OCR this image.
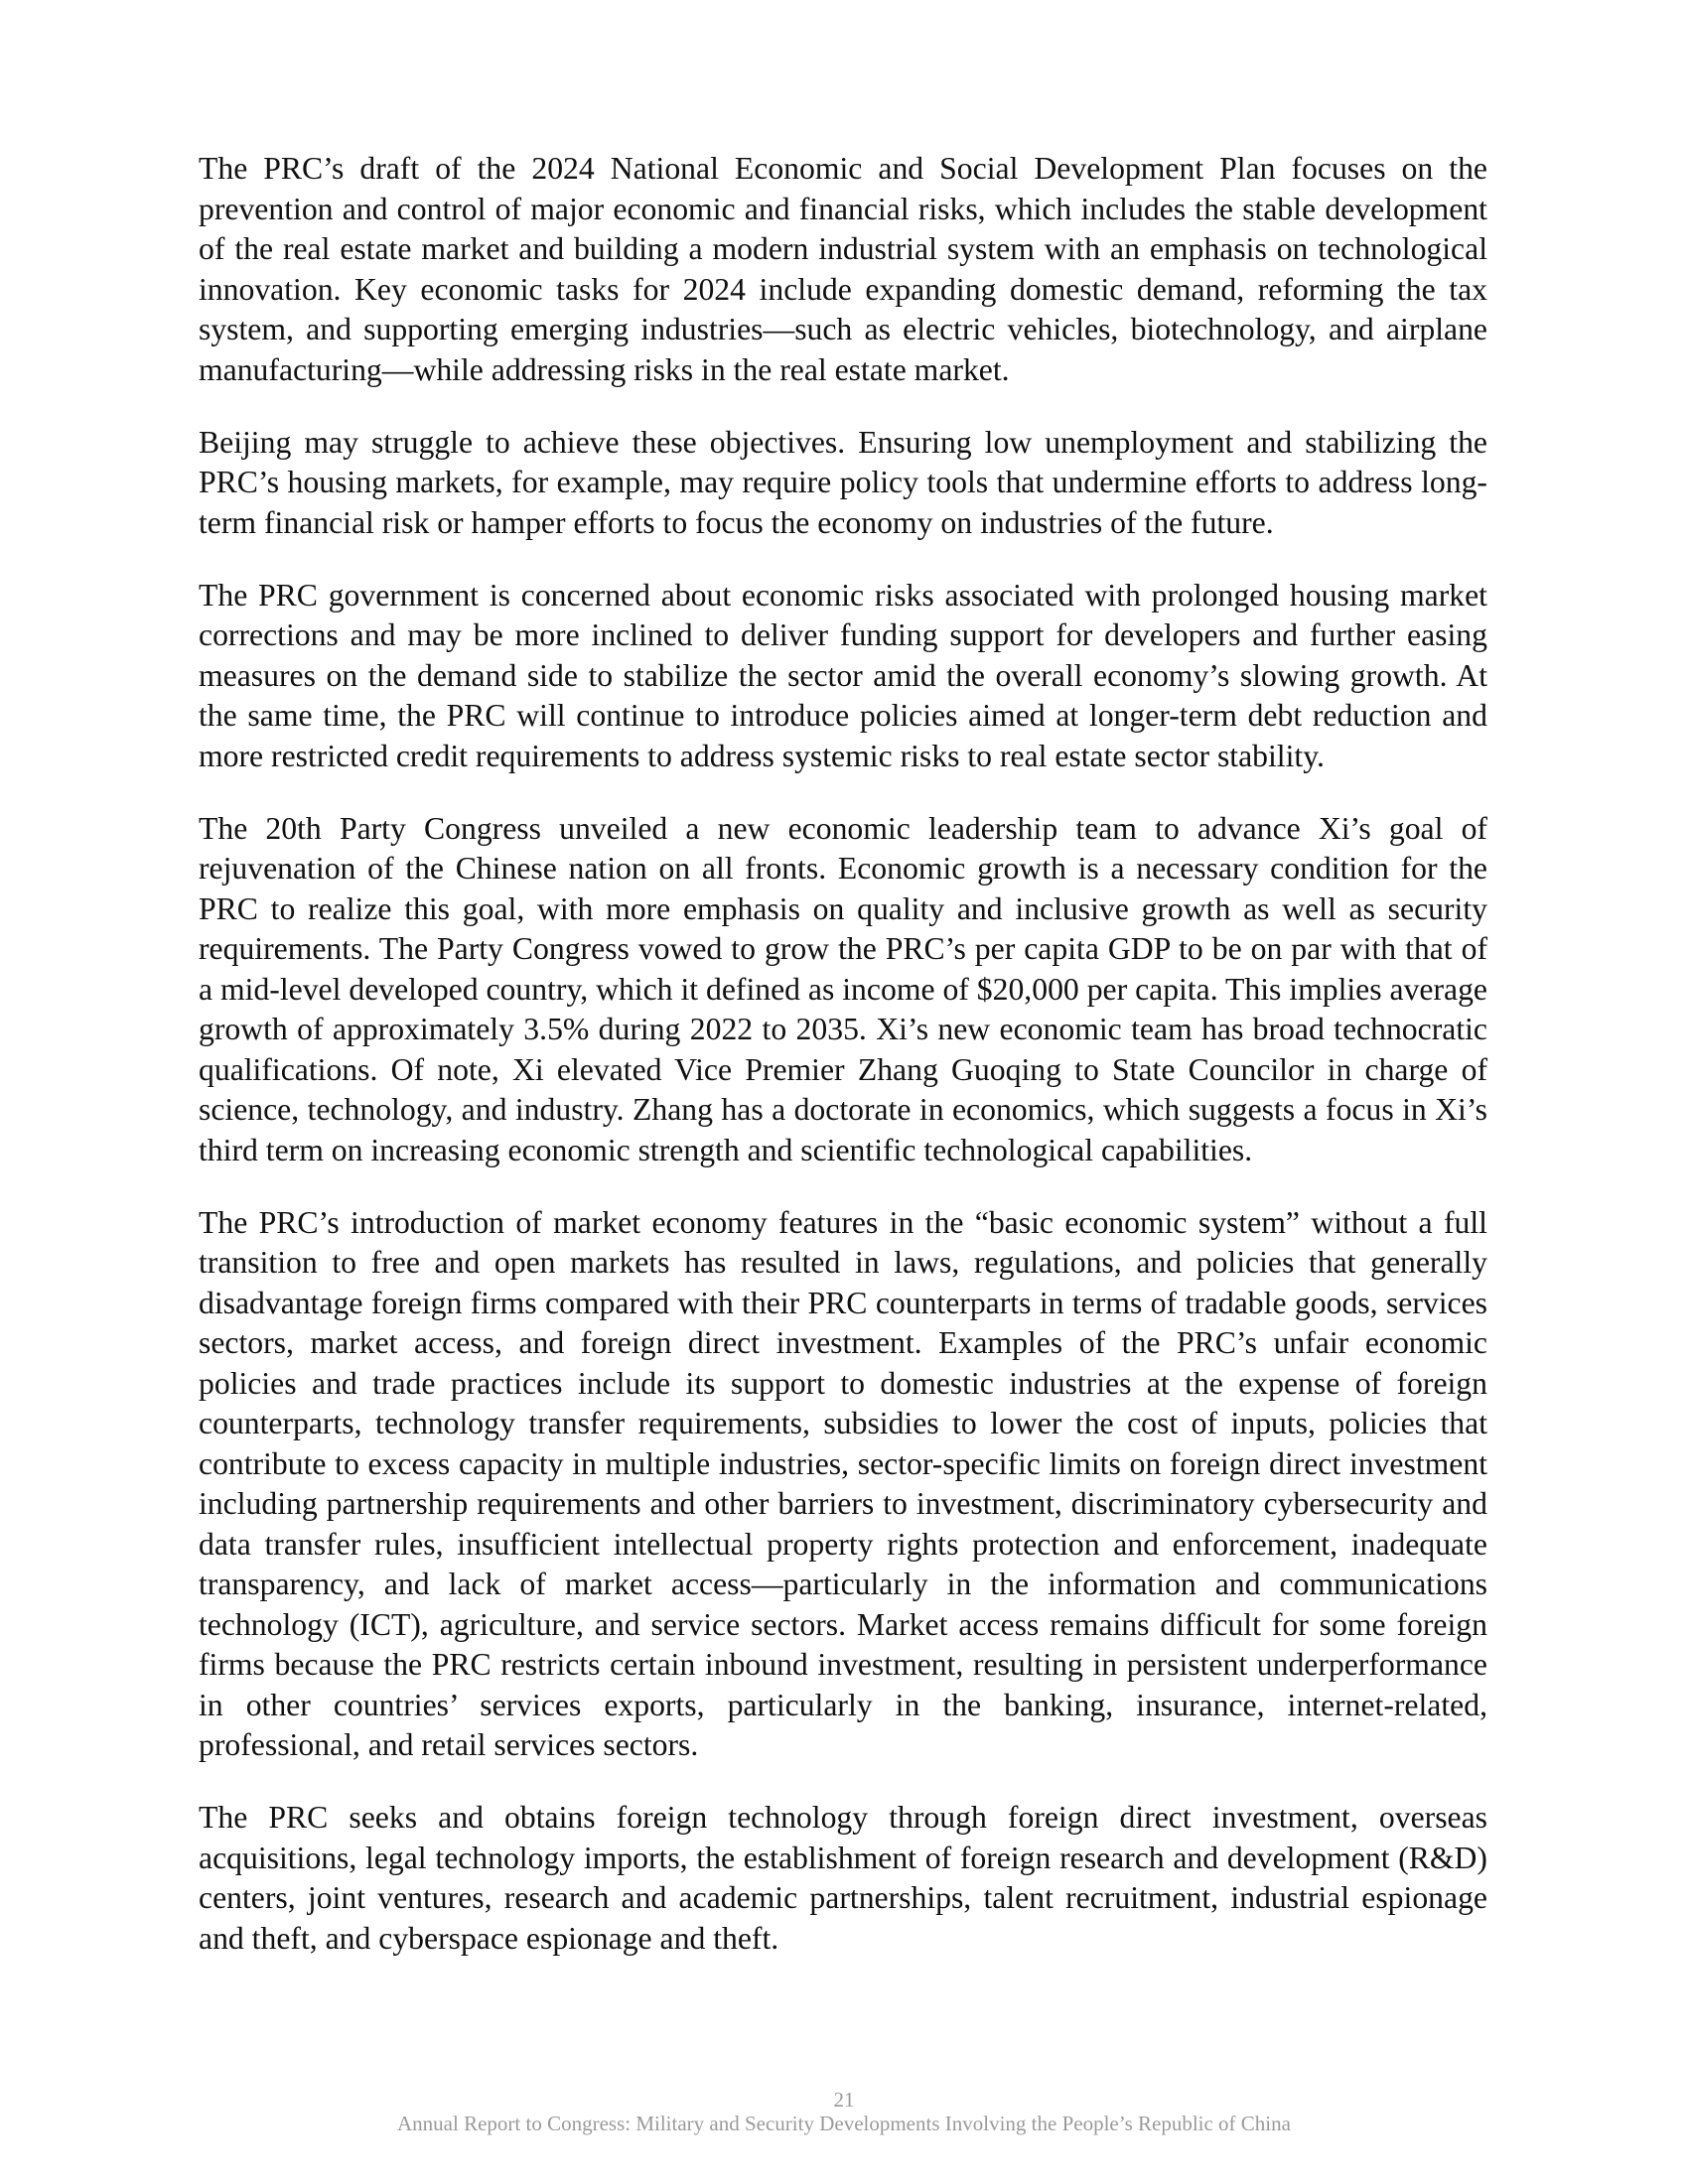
The PRC’s draft of the 2024 National Economic and Social Development Plan focuses on the prevention and control of major economic and financial risks, which includes the stable development of the real estate market and building a modern industrial system with an emphasis on technological innovation. Key economic tasks for 2024 include expanding domestic demand, reforming the tax system, and supporting emerging industries—such as electric vehicles, biotechnology, and airplane manufacturing—while addressing risks in the real estate market.

Beijing may struggle to achieve these objectives. Ensuring low unemployment and stabilizing the PRC’s housing markets, for example, may require policy tools that undermine efforts to address long-term financial risk or hamper efforts to focus the economy on industries of the future.

The PRC government is concerned about economic risks associated with prolonged housing market corrections and may be more inclined to deliver funding support for developers and further easing measures on the demand side to stabilize the sector amid the overall economy’s slowing growth. At the same time, the PRC will continue to introduce policies aimed at longer-term debt reduction and more restricted credit requirements to address systemic risks to real estate sector stability.

The 20th Party Congress unveiled a new economic leadership team to advance Xi’s goal of rejuvenation of the Chinese nation on all fronts. Economic growth is a necessary condition for the PRC to realize this goal, with more emphasis on quality and inclusive growth as well as security requirements. The Party Congress vowed to grow the PRC’s per capita GDP to be on par with that of a mid-level developed country, which it defined as income of $20,000 per capita. This implies average growth of approximately 3.5% during 2022 to 2035. Xi’s new economic team has broad technocratic qualifications. Of note, Xi elevated Vice Premier Zhang Guoqing to State Councilor in charge of science, technology, and industry. Zhang has a doctorate in economics, which suggests a focus in Xi’s third term on increasing economic strength and scientific technological capabilities.

The PRC’s introduction of market economy features in the “basic economic system” without a full transition to free and open markets has resulted in laws, regulations, and policies that generally disadvantage foreign firms compared with their PRC counterparts in terms of tradable goods, services sectors, market access, and foreign direct investment. Examples of the PRC’s unfair economic policies and trade practices include its support to domestic industries at the expense of foreign counterparts, technology transfer requirements, subsidies to lower the cost of inputs, policies that contribute to excess capacity in multiple industries, sector-specific limits on foreign direct investment including partnership requirements and other barriers to investment, discriminatory cybersecurity and data transfer rules, insufficient intellectual property rights protection and enforcement, inadequate transparency, and lack of market access—particularly in the information and communications technology (ICT), agriculture, and service sectors. Market access remains difficult for some foreign firms because the PRC restricts certain inbound investment, resulting in persistent underperformance in other countries’ services exports, particularly in the banking, insurance, internet-related, professional, and retail services sectors.

The PRC seeks and obtains foreign technology through foreign direct investment, overseas acquisitions, legal technology imports, the establishment of foreign research and development (R&D) centers, joint ventures, research and academic partnerships, talent recruitment, industrial espionage and theft, and cyberspace espionage and theft.

21
Annual Report to Congress: Military and Security Developments Involving the People’s Republic of China
